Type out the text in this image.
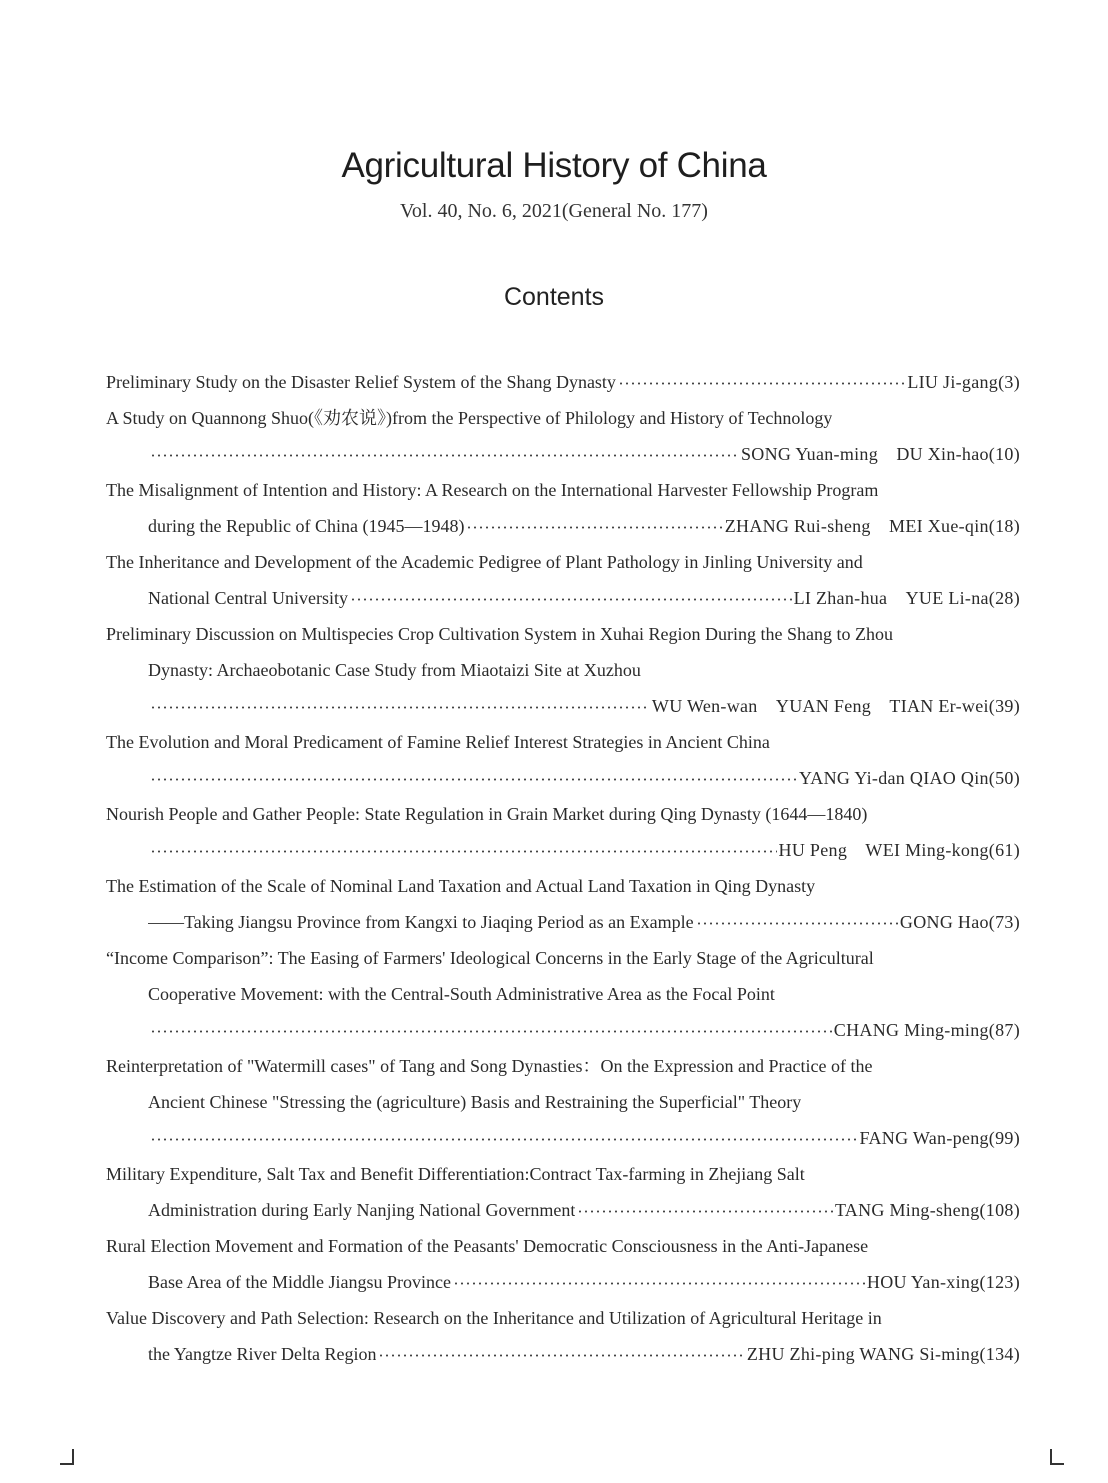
Agricultural History of China
Vol. 40, No. 6, 2021(General No. 177)
Contents
Preliminary Study on the Disaster Relief System of the Shang Dynasty	LIU Ji-gang(3)
A Study on Quannong Shuo(《劝农说》)from the Perspective of Philology and History of Technology
SONG Yuan-ming　DU Xin-hao(10)
The Misalignment of Intention and History: A Research on the International Harvester Fellowship Program
during the Republic of China (1945—1948)	ZHANG Rui-sheng　MEI Xue-qin(18)
The Inheritance and Development of the Academic Pedigree of Plant Pathology in Jinling University and
National Central University	LI Zhan-hua　YUE Li-na(28)
Preliminary Discussion on Multispecies Crop Cultivation System in Xuhai Region During the Shang to Zhou
Dynasty: Archaeobotanic Case Study from Miaotaizi Site at Xuzhou
WU Wen-wan　YUAN Feng　TIAN Er-wei(39)
The Evolution and Moral Predicament of Famine Relief Interest Strategies in Ancient China
YANG Yi-dan QIAO Qin(50)
Nourish People and Gather People: State Regulation in Grain Market during Qing Dynasty (1644—1840)
HU Peng　WEI Ming-kong(61)
The Estimation of the Scale of Nominal Land Taxation and Actual Land Taxation in Qing Dynasty
——Taking Jiangsu Province from Kangxi to Jiaqing Period as an Example	GONG Hao(73)
“Income Comparison”: The Easing of Farmers' Ideological Concerns in the Early Stage of the Agricultural
Cooperative Movement: with the Central-South Administrative Area as the Focal Point
CHANG Ming-ming(87)
Reinterpretation of "Watermill cases" of Tang and Song Dynasties：On the Expression and Practice of the
Ancient Chinese "Stressing the (agriculture) Basis and Restraining the Superficial" Theory
FANG Wan-peng(99)
Military Expenditure, Salt Tax and Benefit Differentiation:Contract Tax-farming in Zhejiang Salt
Administration during Early Nanjing National Government	TANG Ming-sheng(108)
Rural Election Movement and Formation of the Peasants' Democratic Consciousness in the Anti-Japanese
Base Area of the Middle Jiangsu Province	HOU Yan-xing(123)
Value Discovery and Path Selection: Research on the Inheritance and Utilization of Agricultural Heritage in
the Yangtze River Delta Region	ZHU Zhi-ping WANG Si-ming(134)
